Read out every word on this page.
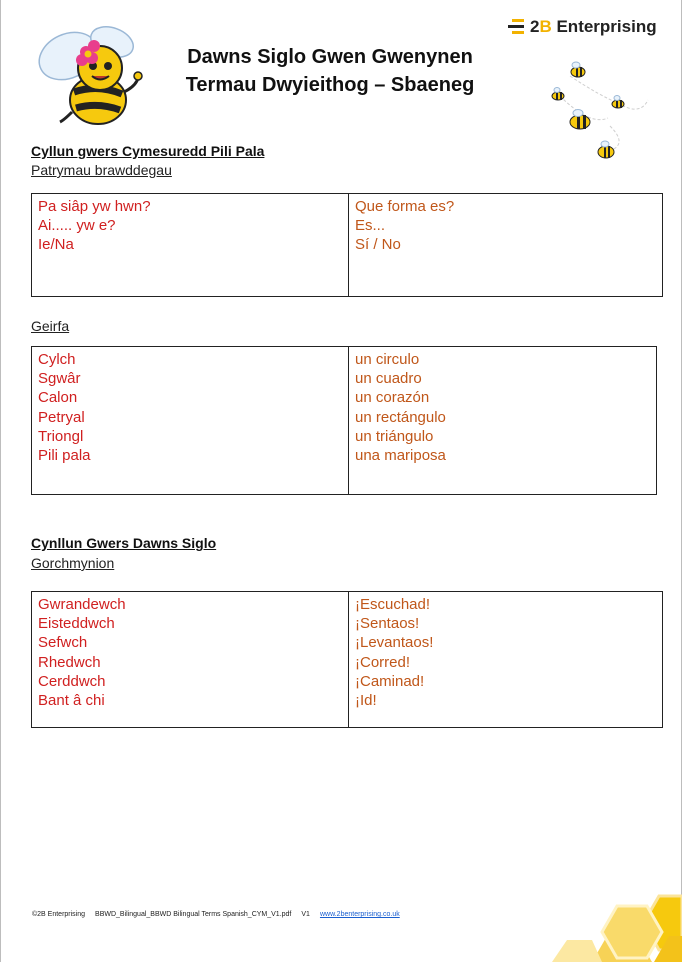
Dawns Siglo Gwen Gwenynen
Termau Dwyieithog – Sbaeneg
2B Enterprising
Cyllun gwers Cymesuredd Pili Pala
Patrymau brawddegau
Pa siâp yw hwn?
Ai..... yw e?
Ie/Na
Que forma es?
Es...
Sí / No
Geirfa
Cylch
Sgwâr
Calon
Petryal
Triongl
Pili pala
un circulo
un cuadro
un corazón
un rectángulo
un triángulo
una mariposa
Cynllun Gwers Dawns Siglo
Gorchmynion
Gwrandewch
Eisteddwch
Sefwch
Rhedwch
Cerddwch
Bant â chi
¡Escuchad!
¡Sentaos!
¡Levantaos!
¡Corred!
¡Caminad!
¡Id!
©2B Enterprising BBWD_Bilingual_BBWD Bilingual Terms Spanish_CYM_V1.pdf V1 www.2benterprising.co.uk
